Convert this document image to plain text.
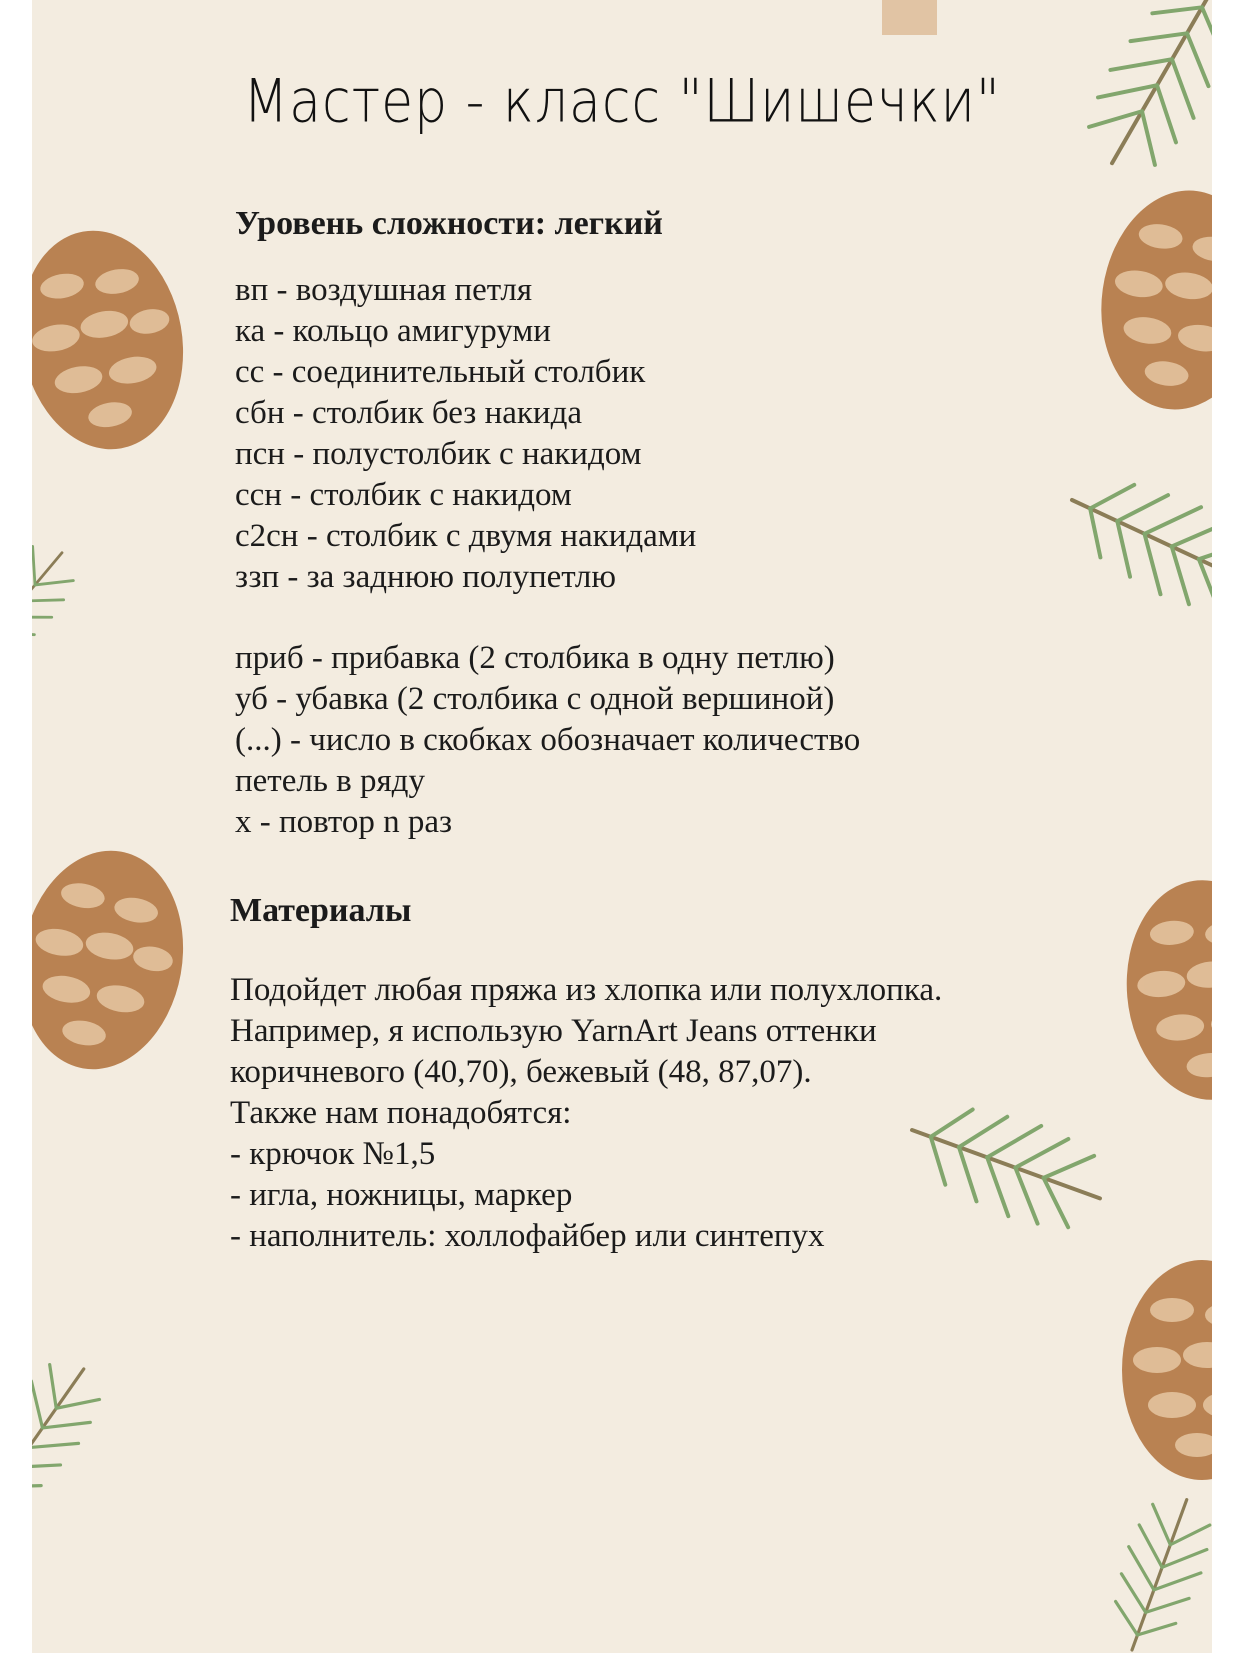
Мастер - класс "Шишечки"
Уровень сложности: легкий
вп - воздушная петля
ка - кольцо амигуруми
сс - соединительный столбик
сбн - столбик без накида
псн - полустолбик с накидом
ссн - столбик с накидом
с2сн - столбик с двумя накидами
ззп - за заднюю полупетлю
приб - прибавка (2 столбика в одну петлю)
уб - убавка (2 столбика с одной вершиной)
(...) - число в скобках обозначает количество
петель в ряду
х - повтор n раз
Материалы
Подойдет любая пряжа из хлопка или полухлопка.
Например, я использую YarnArt Jeans оттенки
коричневого (40,70), бежевый (48, 87,07).
Также нам понадобятся:
- крючок №1,5
- игла, ножницы, маркер
- наполнитель: холлофайбер или синтепух
